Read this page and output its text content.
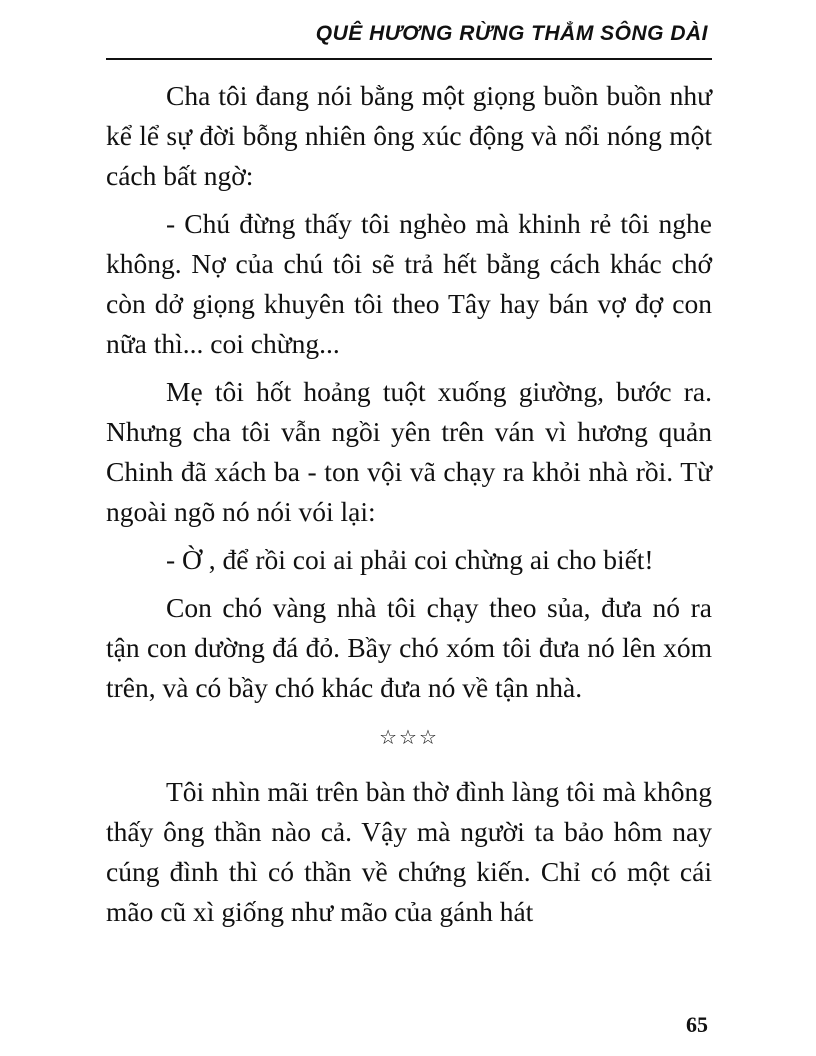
QUÊ HƯƠNG RỪNG THẲM SÔNG DÀI

Cha tôi đang nói bằng một giọng buồn buồn như kể lể sự đời bỗng nhiên ông xúc động và nổi nóng một cách bất ngờ:

- Chú đừng thấy tôi nghèo mà khinh rẻ tôi nghe không. Nợ của chú tôi sẽ trả hết bằng cách khác chớ còn dở giọng khuyên tôi theo Tây hay bán vợ đợ con nữa thì... coi chừng...

Mẹ tôi hốt hoảng tuột xuống giường, bước ra. Nhưng cha tôi vẫn ngồi yên trên ván vì hương quản Chinh đã xách ba - ton vội vã chạy ra khỏi nhà rồi. Từ ngoài ngõ nó nói vói lại:

- Ờ , để rồi coi ai phải coi chừng ai cho biết!

Con chó vàng nhà tôi chạy theo sủa, đưa nó ra tận con dường đá đỏ. Bầy chó xóm tôi đưa nó lên xóm trên, và có bầy chó khác đưa nó về tận nhà.

☆☆☆

Tôi nhìn mãi trên bàn thờ đình làng tôi mà không thấy ông thần nào cả. Vậy mà người ta bảo hôm nay cúng đình thì có thần về chứng kiến. Chỉ có một cái mão cũ xì giống như mão của gánh hát

65
